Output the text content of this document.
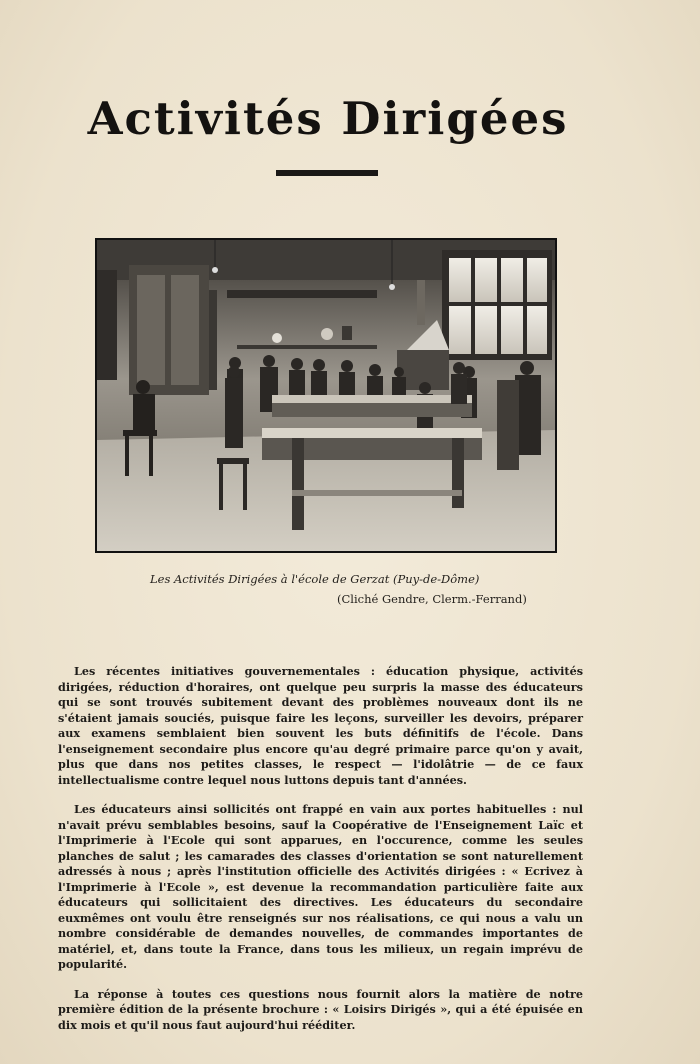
Activités Dirigées
Les Activités Dirigées à l'école de Gerzat (Puy-de-Dôme)
(Cliché Gendre, Clerm.-Ferrand)

Les récentes initiatives gouvernementales : éducation physique, activités dirigées, réduction d'horaires, ont quelque peu surpris la masse des éducateurs qui se sont trouvés subitement devant des problèmes nouveaux dont ils ne s'étaient jamais souciés, puisque faire les leçons, surveiller les devoirs, préparer aux examens semblaient bien souvent les buts définitifs de l'école. Dans l'enseignement secondaire plus encore qu'au degré primaire parce qu'on y avait, plus que dans nos petites classes, le respect — l'idolâtrie — de ce faux intellectualisme contre lequel nous luttons depuis tant d'années.

Les éducateurs ainsi sollicités ont frappé en vain aux portes habituelles : nul n'avait prévu semblables besoins, sauf la Coopérative de l'Enseignement Laïc et l'Imprimerie à l'Ecole qui sont apparues, en l'occurence, comme les seules planches de salut ; les camarades des classes d'orientation se sont naturellement adressés à nous ; après l'institution officielle des Activités dirigées : « Ecrivez à l'Imprimerie à l'Ecole », est devenue la recommandation particulière faite aux éducateurs qui sollicitaient des directives. Les éducateurs du secondaire euxmêmes ont voulu être renseignés sur nos réalisations, ce qui nous a valu un nombre considérable de demandes nouvelles, de commandes importantes de matériel, et, dans toute la France, dans tous les milieux, un regain imprévu de popularité.

La réponse à toutes ces questions nous fournit alors la matière de notre première édition de la présente brochure : « Loisirs Dirigés », qui a été épuisée en dix mois et qu'il nous faut aujourd'hui rééditer.
